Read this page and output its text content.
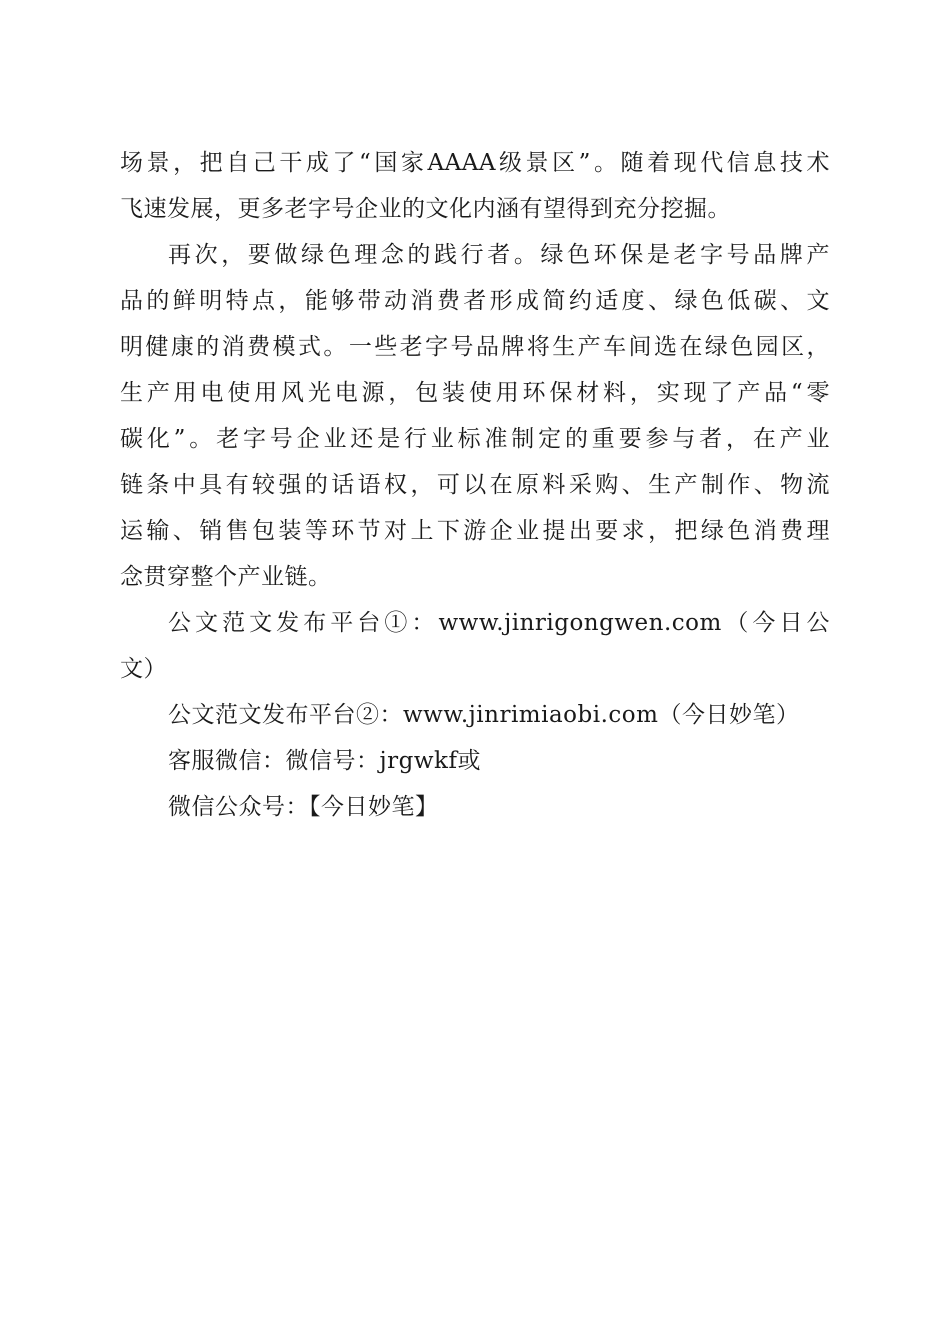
场景，把自己干成了“国家AAAA级景区”。随着现代信息技术
飞速发展，更多老字号企业的文化内涵有望得到充分挖掘。
再次，要做绿色理念的践行者。绿色环保是老字号品牌产
品的鲜明特点，能够带动消费者形成简约适度、绿色低碳、文
明健康的消费模式。一些老字号品牌将生产车间选在绿色园区，
生产用电使用风光电源，包装使用环保材料，实现了产品“零
碳化”。老字号企业还是行业标准制定的重要参与者，在产业
链条中具有较强的话语权，可以在原料采购、生产制作、物流
运输、销售包装等环节对上下游企业提出要求，把绿色消费理
念贯穿整个产业链。
公文范文发布平台①：www.jinrigongwen.com（今日公
文）
公文范文发布平台②：www.jinrimiaobi.com（今日妙笔）
客服微信：微信号：jrgwkf或
微信公众号：【今日妙笔】
